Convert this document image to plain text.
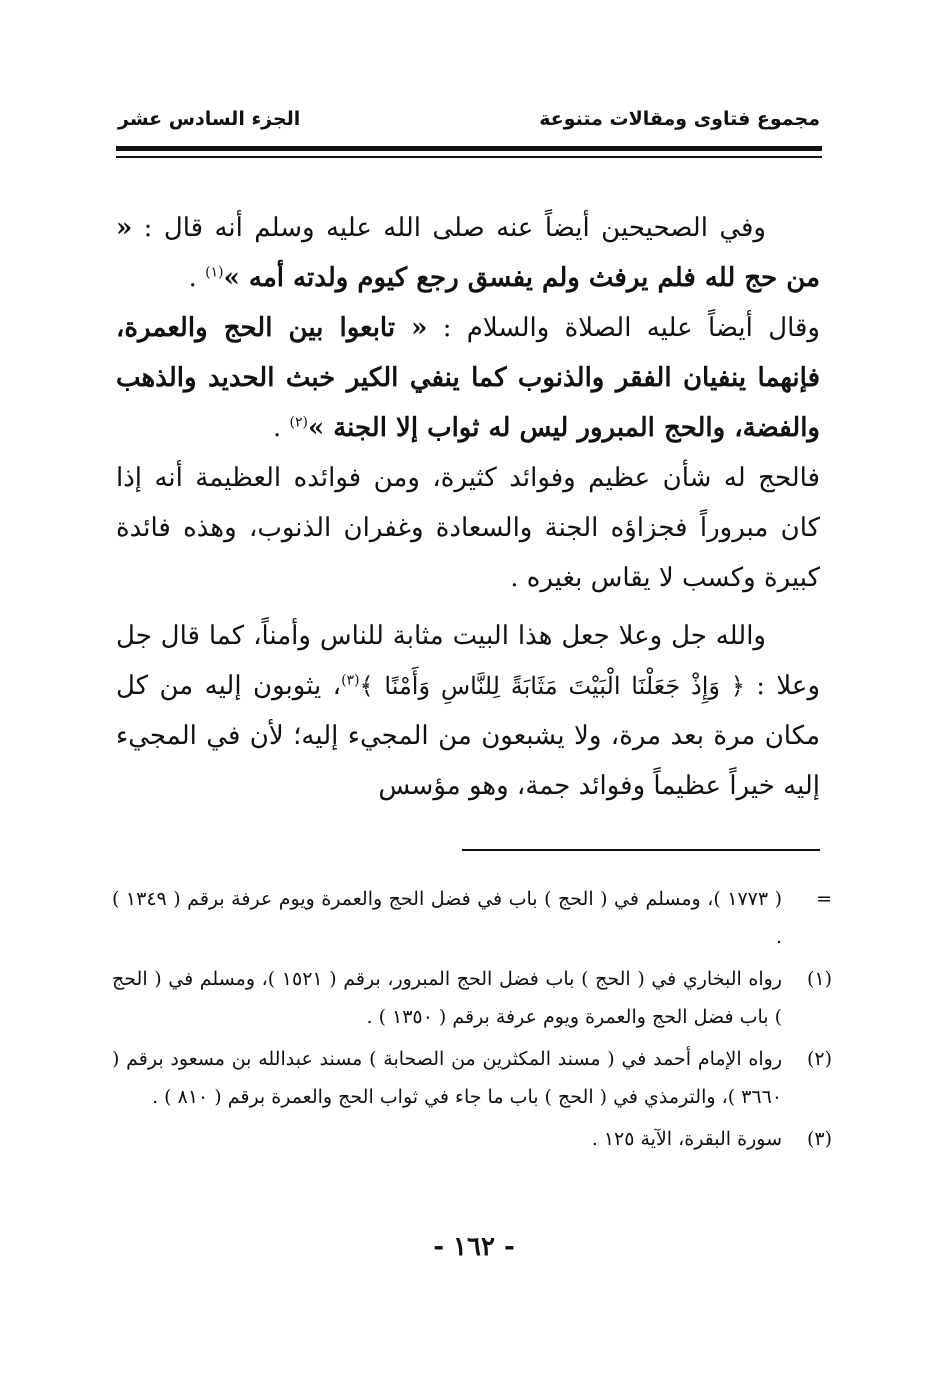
مجموع فتاوى ومقالات متنوعة
الجزء السادس عشر

وفي الصحيحين أيضاً عنه صلى الله عليه وسلم أنه قال : « من حج لله فلم يرفث ولم يفسق رجع كيوم ولدته أمه »$^{(١)}$ .

وقال أيضاً عليه الصلاة والسلام : « تابعوا بين الحج والعمرة، فإنهما ينفيان الفقر والذنوب كما ينفي الكير خبث الحديد والذهب والفضة، والحج المبرور ليس له ثواب إلا الجنة »$^{(٢)}$ .

فالحج له شأن عظيم وفوائد كثيرة، ومن فوائده العظيمة أنه إذا كان مبروراً فجزاؤه الجنة والسعادة وغفران الذنوب، وهذه فائدة كبيرة وكسب لا يقاس بغيره .

والله جل وعلا جعل هذا البيت مثابة للناس وأمناً، كما قال جل وعلا : ﴿ وَإِذْ جَعَلْنَا الْبَيْتَ مَثَابَةً لِلنَّاسِ وَأَمْنًا ﴾$^{(٣)}$، يثوبون إليه من كل مكان مرة بعد مرة، ولا يشبعون من المجيء إليه؛ لأن في المجيء إليه خيراً عظيماً وفوائد جمة، وهو مؤسس

=
( ١٧٧٣ )، ومسلم في ( الحج ) باب في فضل الحج والعمرة ويوم عرفة برقم ( ١٣٤٩ ) .
(١)
رواه البخاري في ( الحج ) باب فضل الحج المبرور، برقم ( ١٥٢١ )، ومسلم في ( الحج ) باب فضل الحج والعمرة ويوم عرفة برقم ( ١٣٥٠ ) .
(٢)
رواه الإمام أحمد في ( مسند المكثرين من الصحابة ) مسند عبدالله بن مسعود برقم ( ٣٦٦٠ )، والترمذي في ( الحج ) باب ما جاء في ثواب الحج والعمرة برقم ( ٨١٠ ) .
(٣)
سورة البقرة، الآية ١٢٥ .
- ١٦٢ -
